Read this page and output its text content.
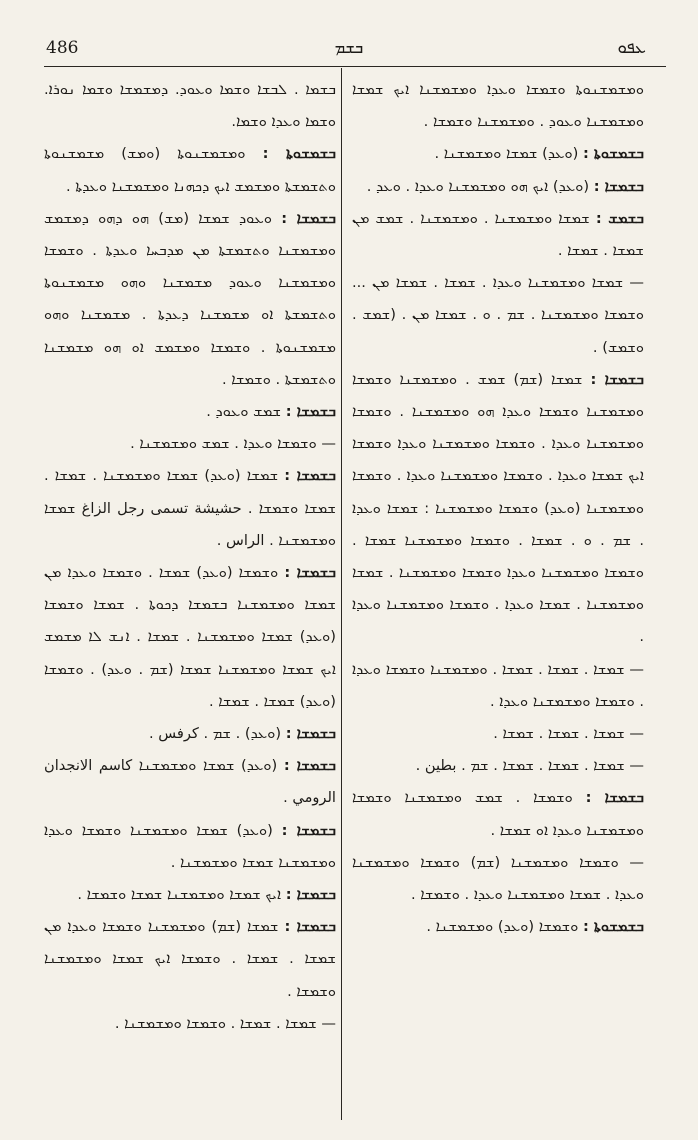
486	ܒܫܡ	ܥܦܘ

ܒܫܡܐ . ܠܒܫܐ ܘܫܡܐ ܘܥܘܕ. ܕܡܫܡܫܐ ܘܫܡܐ ܢܘܪܐ. ܘܫܡܐ ܘܥܕܐ ܘܫܡܐ.

ܒܫܡܫܘܬܐ : ܘܡܫܡܫܢܘܬܐ (ܘܡܫ) ܡܫܡܫܢܘܬܐ ܘܬܫܡܫܬܐ ܘܡܫܡܫ ܐܝܟ ܕܟܗܢܐ ܘܡܫܡܫܢܐ ܘܥܕܬܐ .

ܒܫܡܫܐ : ܘܥܘܕ ܫܡܫܐ (ܡܫ) ܗܘ ܕܗܘ ܕܡܫܡܫ ܘܡܫܡܫܢܐ ܘܬܫܡܫܬܐ ܡܢ ܡܕܒܚܐ ܘܥܕܬܐ . ܘܫܡܫܐ ܘܡܫܡܫܢܐ ܘܥܘܕ ܡܫܡܫܢܐ ܘܗܘ ܡܫܡܫܢܘܬܐ ܘܬܫܡܫܬܐ ܐܘ ܡܫܡܫܢܐ ܕܥܕܬܐ . ܡܫܡܫܢܐ ܘܗܘ ܡܫܡܫܢܘܬܐ . ܘܫܡܫܐ ܘܡܫܡܫ ܐܘ ܗܘ ܡܫܡܫܢܐ ܘܬܫܡܫܬܐ . ܘܫܡܫܐ .

ܒܫܡܫܐ : ܫܡܫ ܘܥܘܕ .

— ܘܫܡܫܐ ܘܥܕܐ . ܫܡܫ ܘܡܫܡܫܢܐ .

ܒܫܡܫܐ : ܫܡܫܐ (ܘܥܕ) ܫܡܫܐ ܘܡܫܡܫܢܐ . ܫܡܫܐ . ܫܡܫܐ ܘܫܡܫܐ . حشيشة تسمى رجل الزاغ ܫܡܫܐ ܘܡܫܡܫܢܐ . الراس .

ܒܫܡܫܐ : ܘܫܡܫܐ (ܘܥܕ) ܫܡܫܐ . ܘܫܡܫܐ ܘܥܕܐ ܡܢ ܫܡܫܐ ܘܡܫܡܫܢܐ ܒܫܡܫܐ ܕܟܘܬܐ . ܫܡܫܐ ܘܫܡܫܐ (ܘܥܕ) ܫܡܫܐ ܘܡܫܡܫܢܐ . ܫܡܫܐ . ܐܢܫ ܠܐ ܡܫܡܫ ܐܝܟ ܫܡܫܐ ܘܡܫܡܫܢܐ ܫܡܫܐ (ܫܡ . ܘܥܕ) . ܘܫܡܫܐ (ܘܥܕ) ܫܡܫܐ . ܫܡܫܐ .

ܒܫܡܫܐ : (ܘܥܕ) . ܫܡ . كرفس .

ܒܫܡܫܐ : (ܘܥܕ) ܫܡܫܐ ܘܡܫܡܫܢܐ كاسم الانجدان الرومي .

ܒܫܡܫܐ : (ܘܥܕ) ܫܡܫܐ ܘܡܫܡܫܢܐ ܘܫܡܫܐ ܘܥܕܐ ܘܡܫܡܫܢܐ ܫܡܫܐ ܘܡܫܡܫܢܐ .

ܒܫܡܫܐ : ܐܝܟ ܫܡܫܐ ܘܡܫܡܫܢܐ ܫܡܫܐ ܘܫܡܫܐ .

ܒܫܡܫܐ : ܫܡܫܐ (ܫܡ) ܘܡܫܡܫܢܐ ܘܫܡܫܐ ܘܥܕܐ ܡܢ ܫܡܫܐ . ܫܡܫܐ . ܘܫܡܫܐ ܐܝܟ ܫܡܫܐ ܘܡܫܡܫܢܐ ܘܫܡܫܐ .

— ܫܡܫܐ . ܫܡܫܐ . ܘܫܡܫܐ ܘܡܫܡܫܢܐ .

ܘܡܫܡܫܢܘܬܐ ܘܫܡܫܐ ܘܥܕܐ ܘܡܫܡܫܢܐ ܐܝܟ ܫܡܫܐ ܘܡܫܡܫܢܐ ܘܥܘܕ . ܘܡܫܡܫܢܐ ܘܫܡܫܐ .

ܒܫܡܫܘܬܐ : (ܘܥܕ) ܫܡܫܐ ܘܡܫܡܫܢܐ .

ܒܫܡܫܐ : (ܘܥܕ) ܐܝܟ ܗܘ ܘܡܫܡܫܢܐ ܘܥܕܐ . ܘܥܕ .

ܒܫܡܫ : ܫܡܫܐ ܘܡܫܡܫܢܐ . ܘܡܫܡܫܢܐ . ܫܡܫ ܡܢ ܫܡܫܐ . ܫܡܫܐ .

— ܫܡܫܐ ܘܡܫܡܫܢܐ ܘܥܕܐ . ܫܡܫܐ . ܫܡܫܐ ܡܢ ... ܘܫܡܫܐ ܘܡܫܡܫܢܐ . ܫܡ . ܘ . ܫܡܫܐ ܡܢ . (ܫܡܫ . ܘܫܡܫ) .

ܒܫܡܫܐ : ܫܡܫܐ (ܫܡ) ܫܡܫ . ܘܡܫܡܫܢܐ ܘܫܡܫܐ ܘܡܫܡܫܢܐ ܘܫܡܫܐ ܘܥܕܐ ܗܘ ܘܡܫܡܫܢܐ . ܘܫܡܫܐ ܘܡܫܡܫܢܐ ܘܥܕܐ . ܘܫܡܫܐ ܘܡܫܡܫܢܐ ܘܥܕܐ ܘܫܡܫܐ ܐܝܟ ܫܡܫܐ ܘܥܕܐ . ܘܫܡܫܐ ܘܡܫܡܫܢܐ ܘܥܕܐ . ܘܫܡܫܐ ܘܡܫܡܫܢܐ (ܘܥܕ) ܘܫܡܫܐ ܘܡܫܡܫܢܐ : ܫܡܫܐ ܘܥܕܐ . ܫܡ . ܘ . ܫܡܫܐ . ܘܫܡܫܐ ܘܡܫܡܫܢܐ ܫܡܫܐ . ܘܫܡܫܐ ܘܡܫܡܫܢܐ ܘܥܕܐ ܘܫܡܫܐ ܘܡܫܡܫܢܐ . ܫܡܫܐ ܘܡܫܡܫܢܐ . ܫܡܫܐ ܘܥܕܐ . ܘܫܡܫܐ ܘܡܫܡܫܢܐ ܘܥܕܐ .

— ܫܡܫܐ . ܫܡܫܐ . ܫܡܫܐ . ܘܡܫܡܫܢܐ ܘܫܡܫܐ ܘܥܕܐ . ܘܫܡܫܐ ܘܡܫܡܫܢܐ ܘܥܕܐ .

— ܫܡܫܐ . ܫܡܫܐ . ܫܡܫܐ .

— ܫܡܫܐ . ܫܡܫܐ . ܫܡܫܐ . ܫܡ . بطين .

ܒܫܡܫܐ : ܘܫܡܫܐ . ܫܡܫ ܘܡܫܡܫܢܐ ܘܫܡܫܐ ܘܡܫܡܫܢܐ ܘܥܕܐ ܐܘ ܫܡܫܐ .

— ܘܫܡܫܐ ܘܡܫܡܫܢܐ (ܫܡ) ܘܫܡܫܐ ܘܡܫܡܫܢܐ ܘܥܕܐ . ܫܡܫܐ ܘܡܫܡܫܢܐ ܘܥܕܐ . ܘܫܡܫܐ .

ܒܫܡܫܘܬܐ : ܘܫܡܫܐ (ܘܥܕ) ܘܡܫܡܫܢܐ .
